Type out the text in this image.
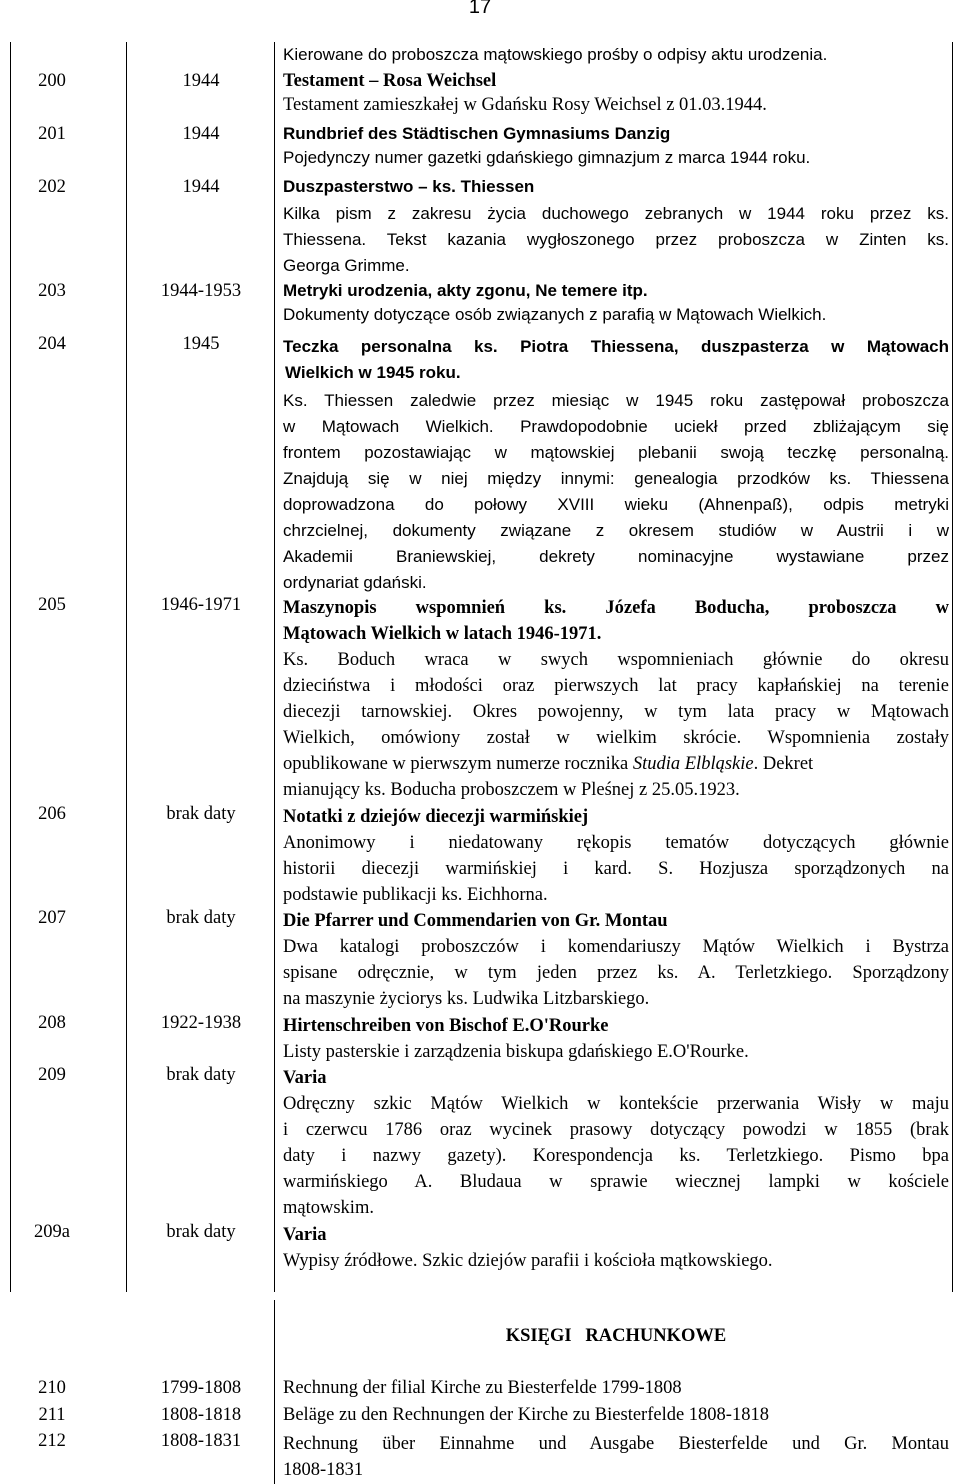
17
Kierowane do proboszcza mątowskiego prośby o odpisy aktu urodzenia.
200	1944	Testament – Rosa Weichsel
Testament zamieszkałej w Gdańsku Rosy Weichsel z 01.03.1944.
201	1944	Rundbrief des Städtischen Gymnasiums Danzig
Pojedynczy numer gazetki gdańskiego gimnazjum z marca 1944 roku.
202	1944	Duszpasterstwo – ks. Thiessen
Kilka pism z zakresu życia duchowego zebranych w 1944 roku przez ks.
Thiessena. Tekst kazania wygłoszonego przez proboszcza w Zinten ks.
Georga Grimme.
203	1944-1953	Metryki urodzenia, akty zgonu, Ne temere itp.
Dokumenty dotyczące osób związanych z parafią w Mątowach Wielkich.
204	1945	Teczka personalna ks. Piotra Thiessena, duszpasterza w Mątowach
Wielkich w 1945 roku.
Ks. Thiessen zaledwie przez miesiąc w 1945 roku zastępował proboszcza
w Mątowach Wielkich. Prawdopodobnie uciekł przed zbliżającym się
frontem pozostawiając w mątowskiej plebanii swoją teczkę personalną.
Znajdują się w niej między innymi: genealogia przodków ks. Thiessena
doprowadzona do połowy XVIII wieku (Ahnenpaß), odpis metryki
chrzcielnej, dokumenty związane z okresem studiów w Austrii i w
Akademii Braniewskiej, dekrety nominacyjne wystawiane przez
ordynariat gdański.
205	1946-1971	Maszynopis wspomnień ks. Józefa Boducha, proboszcza w
Mątowach Wielkich w latach 1946-1971.
Ks. Boduch wraca w swych wspomnieniach głównie do okresu
dzieciństwa i młodości oraz pierwszych lat pracy kapłańskiej na terenie
diecezji tarnowskiej. Okres powojenny, w tym lata pracy w Mątowach
Wielkich, omówiony został w wielkim skrócie. Wspomnienia zostały
opublikowane w pierwszym numerze rocznika Studia Elbląskie. Dekret
mianujący ks. Boducha proboszczem w Pleśnej z 25.05.1923.
206	brak daty	Notatki z dziejów diecezji warmińskiej
Anonimowy i niedatowany rękopis tematów dotyczących głównie
historii diecezji warmińskiej i kard. S. Hozjusza sporządzonych na
podstawie publikacji ks. Eichhorna.
207	brak daty	Die Pfarrer und Commendarien von Gr. Montau
Dwa katalogi proboszczów i komendariuszy Mątów Wielkich i Bystrza
spisane odręcznie, w tym jeden przez ks. A. Terletzkiego. Sporządzony
na maszynie życiorys ks. Ludwika Litzbarskiego.
208	1922-1938	Hirtenschreiben von Bischof E.O'Rourke
Listy pasterskie i zarządzenia biskupa gdańskiego E.O'Rourke.
209	brak daty	Varia
Odręczny szkic Mątów Wielkich w kontekście przerwania Wisły w maju
i czerwcu 1786 oraz wycinek prasowy dotyczący powodzi w 1855 (brak
daty i nazwy gazety). Korespondencja ks. Terletzkiego. Pismo bpa
warmińskiego A. Bludaua w sprawie wiecznej lampki w kościele
mątowskim.
209a	brak daty	Varia
Wypisy źródłowe. Szkic dziejów parafii i kościoła mątkowskiego.
KSIĘGI   RACHUNKOWE
210	1799-1808	Rechnung der filial Kirche zu Biesterfelde 1799-1808
211	1808-1818	Beläge zu den Rechnungen der Kirche zu Biesterfelde 1808-1818
212	1808-1831	Rechnung über Einnahme und Ausgabe Biesterfelde und Gr. Montau
1808-1831
